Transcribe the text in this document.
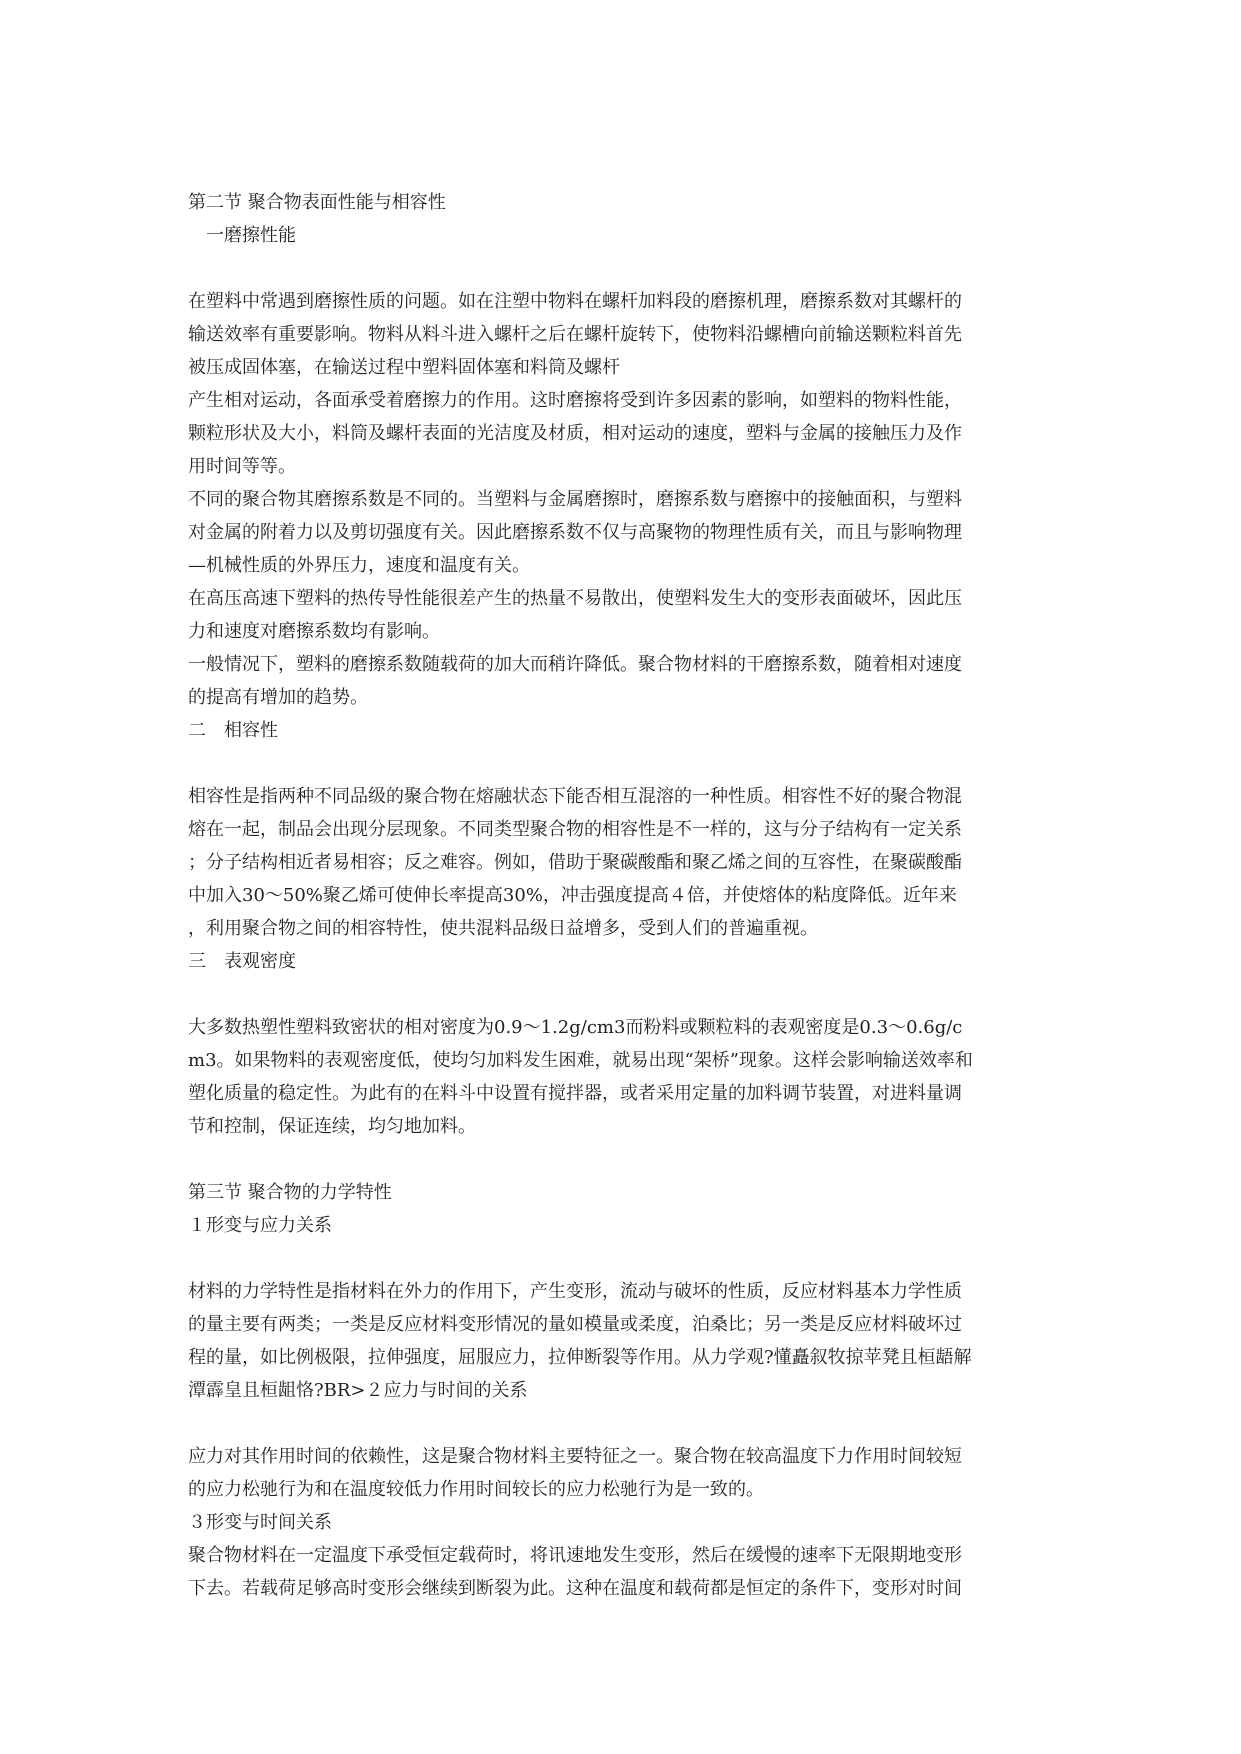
第二节 聚合物表面性能与相容性
一磨擦性能
在塑料中常遇到磨擦性质的问题。如在注塑中物料在螺杆加料段的磨擦机理，磨擦系数对其螺杆的
输送效率有重要影响。物料从料斗进入螺杆之后在螺杆旋转下，使物料沿螺槽向前输送颗粒料首先
被压成固体塞，在输送过程中塑料固体塞和料筒及螺杆
产生相对运动，各面承受着磨擦力的作用。这时磨擦将受到许多因素的影响，如塑料的物料性能，
颗粒形状及大小，料筒及螺杆表面的光洁度及材质，相对运动的速度，塑料与金属的接触压力及作
用时间等等。
不同的聚合物其磨擦系数是不同的。当塑料与金属磨擦时，磨擦系数与磨擦中的接触面积，与塑料
对金属的附着力以及剪切强度有关。因此磨擦系数不仅与高聚物的物理性质有关，而且与影响物理
—机械性质的外界压力，速度和温度有关。
在高压高速下塑料的热传导性能很差产生的热量不易散出，使塑料发生大的变形表面破坏，因此压
力和速度对磨擦系数均有影响。
一般情况下，塑料的磨擦系数随载荷的加大而稍许降低。聚合物材料的干磨擦系数，随着相对速度
的提高有增加的趋势。
二　相容性
相容性是指两种不同品级的聚合物在熔融状态下能否相互混溶的一种性质。相容性不好的聚合物混
熔在一起，制品会出现分层现象。不同类型聚合物的相容性是不一样的，这与分子结构有一定关系
；分子结构相近者易相容；反之难容。例如，借助于聚碳酸酯和聚乙烯之间的互容性，在聚碳酸酯
中加入30～50%聚乙烯可使伸长率提高30%，冲击强度提高４倍，并使熔体的粘度降低。近年来
，利用聚合物之间的相容特性，使共混料品级日益增多，受到人们的普遍重视。
三　表观密度
大多数热塑性塑料致密状的相对密度为0.9～1.2g/cm3而粉料或颗粒料的表观密度是0.3～0.6g/c
m3。如果物料的表观密度低，使均匀加料发生困难，就易出现“架桥”现象。这样会影响输送效率和
塑化质量的稳定性。为此有的在料斗中设置有搅拌器，或者采用定量的加料调节装置，对进料量调
节和控制，保证连续，均匀地加料。
第三节 聚合物的力学特性
１形变与应力关系
材料的力学特性是指材料在外力的作用下，产生变形，流动与破坏的性质，反应材料基本力学性质
的量主要有两类；一类是反应材料变形情况的量如模量或柔度，泊桑比；另一类是反应材料破坏过
程的量，如比例极限，拉伸强度，屈服应力，拉伸断裂等作用。从力学观?懂矗叙牧掠苹凳且桓龉解
潭霹皇且桓龃恪?BR>２应力与时间的关系
应力对其作用时间的依赖性，这是聚合物材料主要特征之一。聚合物在较高温度下力作用时间较短
的应力松驰行为和在温度较低力作用时间较长的应力松驰行为是一致的。
３形变与时间关系
聚合物材料在一定温度下承受恒定载荷时，将讯速地发生变形，然后在缓慢的速率下无限期地变形
下去。若载荷足够高时变形会继续到断裂为此。这种在温度和载荷都是恒定的条件下，变形对时间
